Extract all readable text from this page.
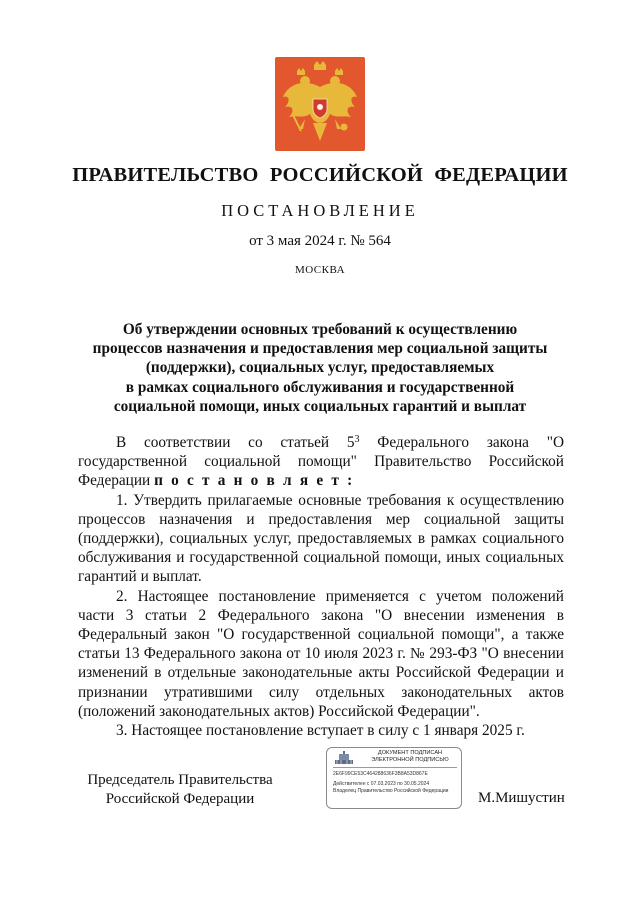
ПРАВИТЕЛЬСТВО РОССИЙСКОЙ ФЕДЕРАЦИИ
ПОСТАНОВЛЕНИЕ
от 3 мая 2024 г. № 564
МОСКВА
Об утверждении основных требований к осуществлению
процессов назначения и предоставления мер социальной защиты
(поддержки), социальных услуг, предоставляемых
в рамках социального обслуживания и государственной
социальной помощи, иных социальных гарантий и выплат

В соответствии со статьей $5^3$ Федерального закона "О государственной социальной помощи" Правительство Российской Федерации п о с т а н о в л я е т :

1. Утвердить прилагаемые основные требования к осуществлению процессов назначения и предоставления мер социальной защиты (поддержки), социальных услуг, предоставляемых в рамках социального обслуживания и государственной социальной помощи, иных социальных гарантий и выплат.

2. Настоящее постановление применяется с учетом положений части 3 статьи 2 Федерального закона "О внесении изменения в Федеральный закон "О государственной социальной помощи", а также статьи 13 Федерального закона от 10 июля 2023 г. № 293-ФЗ "О внесении изменений в отдельные законодательные акты Российской Федерации и признании утратившими силу отдельных законодательных актов (положений законодательных актов) Российской Федерации".

3. Настоящее постановление вступает в силу с 1 января 2025 г.

Председатель Правительства
Российской Федерации
ДОКУМЕНТ ПОДПИСАН
ЭЛЕКТРОННОЙ ПОДПИСЬЮ
2E6F99CE53C464288636F3B8A53D867E
Действителен с 07.03.2023 по 30.05.2024
Владелец Правительство Российской Федерации	М.Мишустин
